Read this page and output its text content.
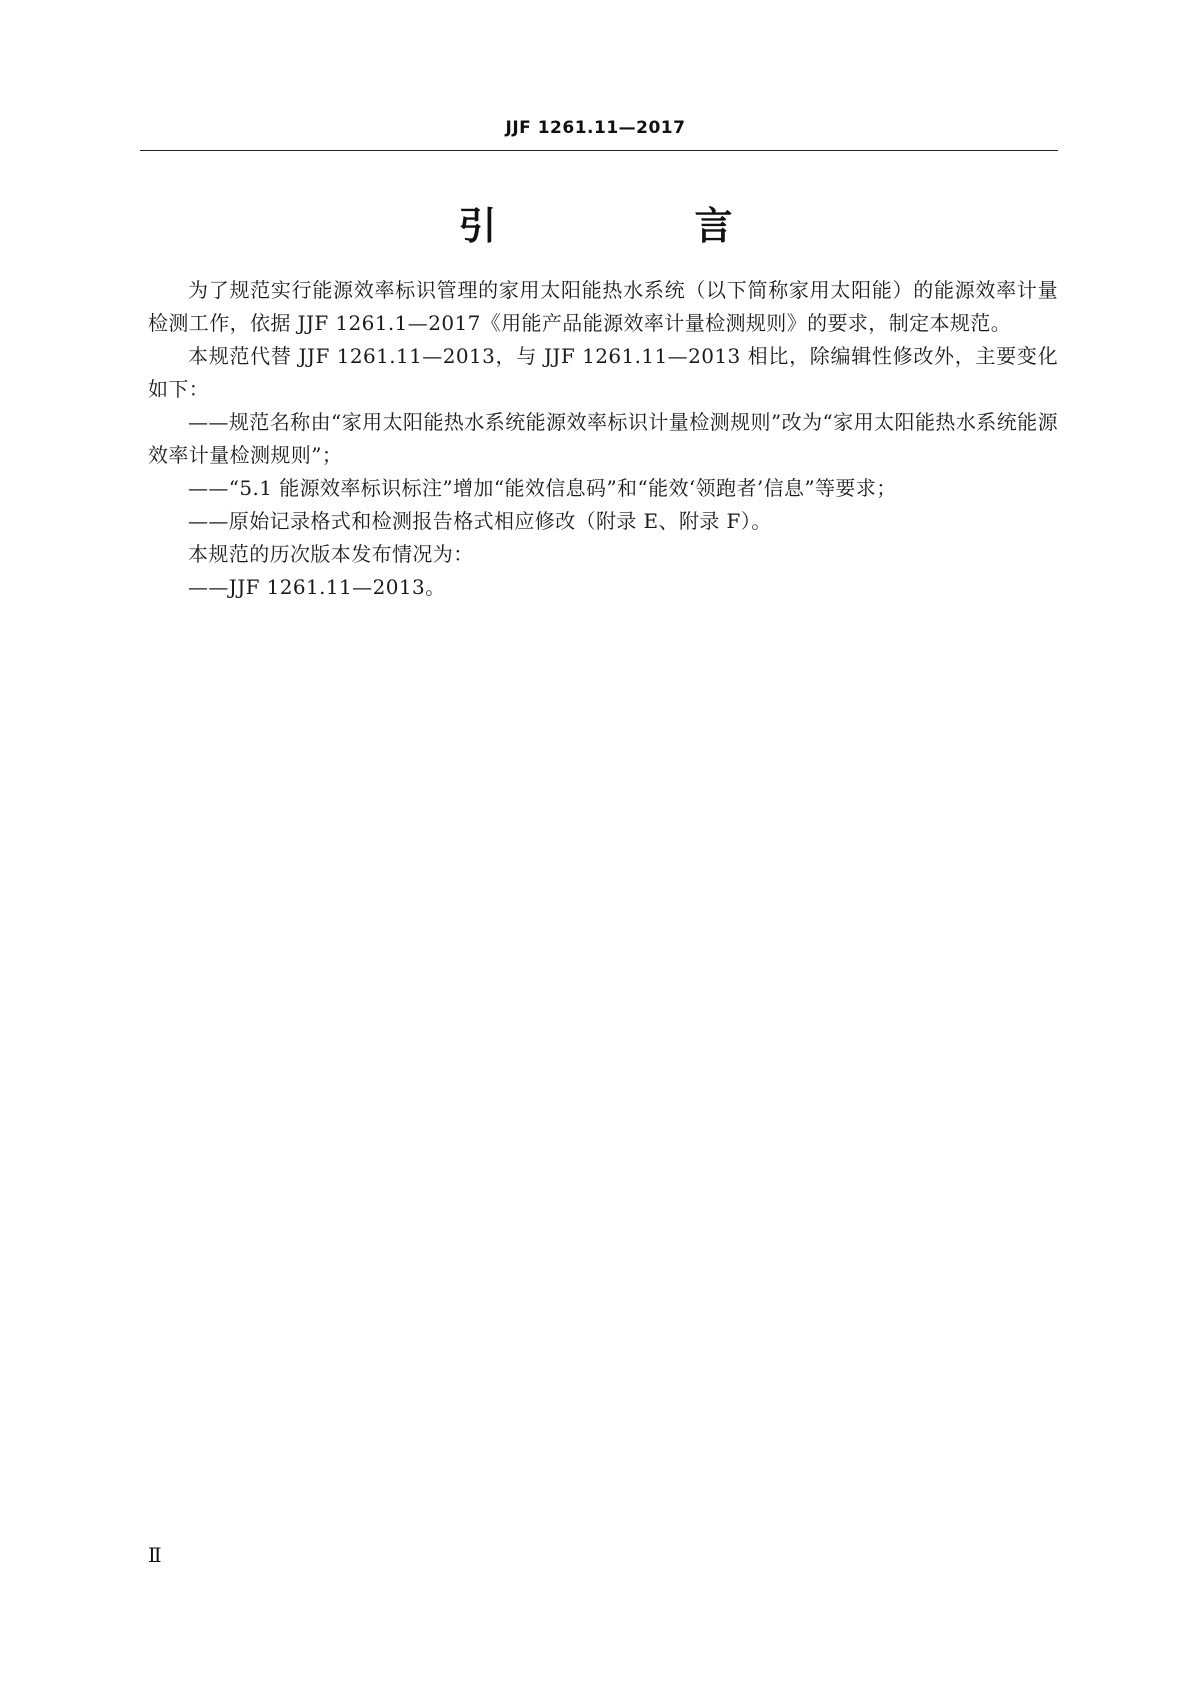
JJF 1261.11—2017
引　言

为了规范实行能源效率标识管理的家用太阳能热水系统（以下简称家用太阳能）的能源效率计量检测工作，依据 JJF 1261.1—2017《用能产品能源效率计量检测规则》的要求，制定本规范。

本规范代替 JJF 1261.11—2013，与 JJF 1261.11—2013 相比，除编辑性修改外，主要变化如下：

——规范名称由“家用太阳能热水系统能源效率标识计量检测规则”改为“家用太阳能热水系统能源效率计量检测规则”；

——“5.1 能源效率标识标注”增加“能效信息码”和“能效‘领跑者’信息”等要求；

——原始记录格式和检测报告格式相应修改（附录 E、附录 F）。

本规范的历次版本发布情况为：

——JJF 1261.11—2013。

Ⅱ
